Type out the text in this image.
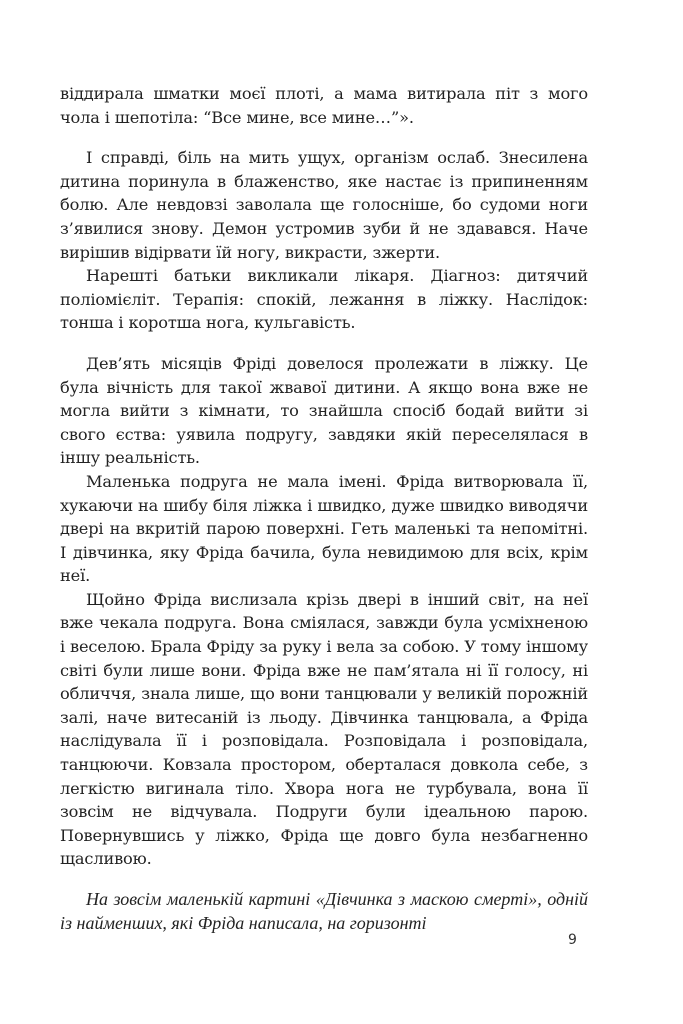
віддирала шматки моєї плоті, а мама витирала піт з мого чола і шепотіла: “Все мине, все мине…”».

І справді, біль на мить ущух, організм ослаб. Знесилена дитина поринула в блаженство, яке настає із припиненням болю. Але невдовзі заволала ще голосніше, бо судоми ноги з’явилися знову. Демон устромив зуби й не здавався. Наче вирішив відірвати їй ногу, викрасти, зжерти.

Нарешті батьки викликали лікаря. Діагноз: дитячий поліомієліт. Терапія: спокій, лежання в ліжку. Наслідок: тонша і коротша нога, кульгавість.

Дев’ять місяців Фріді довелося пролежати в ліжку. Це була вічність для такої жвавої дитини. А якщо вона вже не могла вийти з кімнати, то знайшла спосіб бодай вийти зі свого єства: уявила подругу, завдяки якій переселялася в іншу реальність.

Маленька подруга не мала імені. Фріда витворювала її, хукаючи на шибу біля ліжка і швидко, дуже швидко виводячи двері на вкритій парою поверхні. Геть маленькі та непомітні. І дівчинка, яку Фріда бачила, була невидимою для всіх, крім неї.

Щойно Фріда вислизала крізь двері в інший світ, на неї вже чекала подруга. Вона сміялася, завжди була усміхненою і веселою. Брала Фріду за руку і вела за собою. У тому іншому світі були лише вони. Фріда вже не пам’ятала ні її голосу, ні обличчя, знала лише, що вони танцювали у великій порожній залі, наче витесаній із льоду. Дівчинка танцювала, а Фріда наслідувала її і розповідала. Розповідала і розповідала, танцюючи. Ковзала простором, оберталася довкола себе, з легкістю вигинала тіло. Хвора нога не турбувала, вона її зовсім не відчувала. Подруги були ідеальною парою. Повернувшись у ліжко, Фріда ще довго була незбагненно щасливою.

На зовсім маленькій картині «Дівчинка з маскою смерті», одній із найменших, які Фріда написала, на горизонті

9
